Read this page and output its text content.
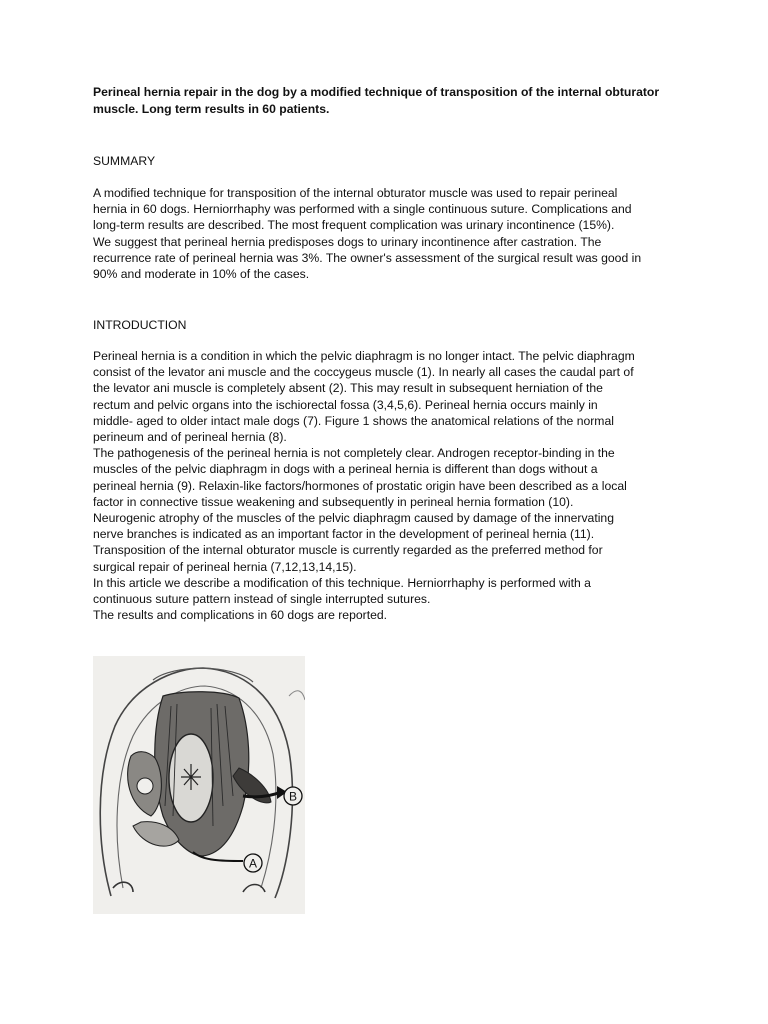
Perineal hernia repair in the dog by a modified technique of transposition of the internal obturator
muscle. Long term results in 60 patients.
SUMMARY
A modified technique for transposition of the internal obturator muscle was used to repair perineal
hernia in 60 dogs. Herniorrhaphy was performed with a single continuous suture. Complications and
long-term results are described. The most frequent complication was urinary incontinence (15%).
We suggest that perineal hernia predisposes dogs to urinary incontinence after castration. The
recurrence rate of perineal hernia was 3%. The owner's assessment of the surgical result was good in
90% and moderate in 10% of the cases.
INTRODUCTION
Perineal hernia is a condition in which the pelvic diaphragm is no longer intact. The pelvic diaphragm
consist of the levator ani muscle and the coccygeus muscle (1). In nearly all cases the caudal part of
the levator ani muscle is completely absent (2). This may result in subsequent herniation of the
rectum and pelvic organs into the ischiorectal fossa (3,4,5,6). Perineal hernia occurs mainly in
middle- aged to older intact male dogs (7). Figure 1 shows the anatomical relations of the normal
perineum and of perineal hernia (8).
The pathogenesis of the perineal hernia is not completely clear. Androgen receptor-binding in the
muscles of the pelvic diaphragm in dogs with a perineal hernia is different than dogs without a
perineal hernia (9). Relaxin-like factors/hormones of prostatic origin have been described as a local
factor in connective tissue weakening and subsequently in perineal hernia formation (10).
Neurogenic atrophy of the muscles of the pelvic diaphragm caused by damage of the innervating
nerve branches is indicated as an important factor in the development of perineal hernia (11).
Transposition of the internal obturator muscle is currently regarded as the preferred method for
surgical repair of perineal hernia (7,12,13,14,15).
In this article we describe a modification of this technique. Herniorrhaphy is performed with a
continuous suture pattern instead of single interrupted sutures.
The results and complications in 60 dogs are reported.
B
A
